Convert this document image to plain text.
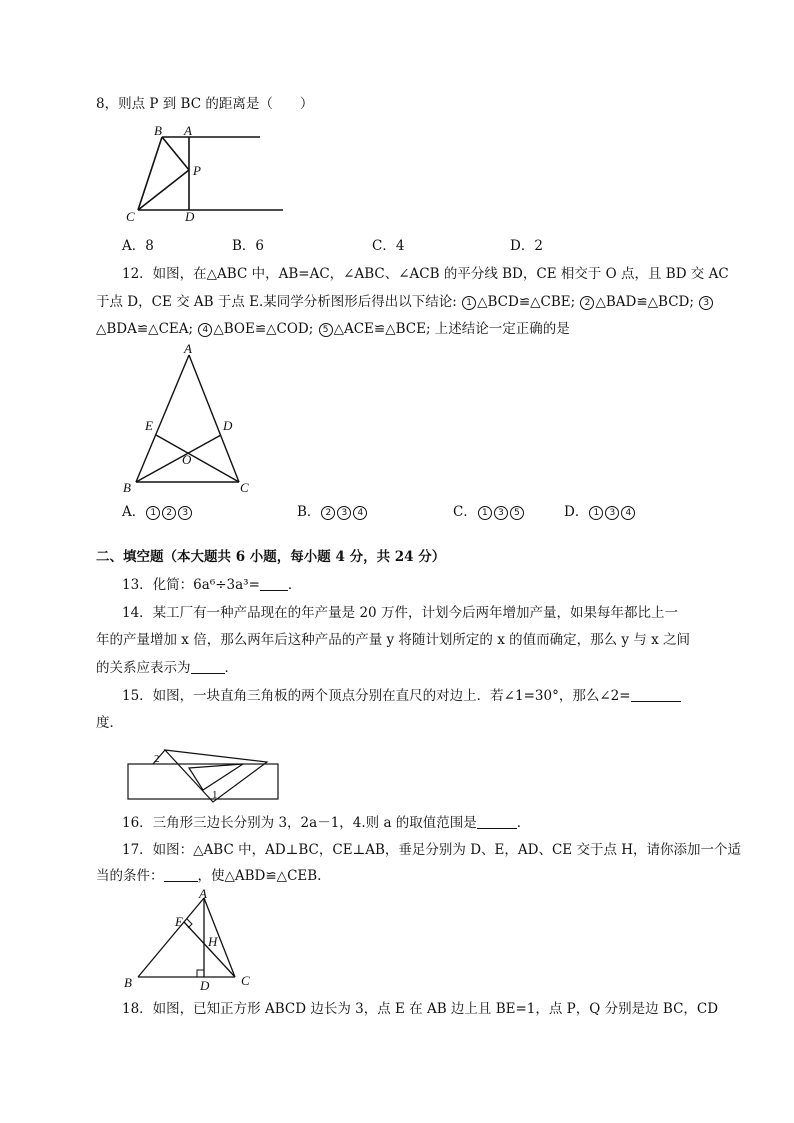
8，则点 P 到 BC 的距离是（　　）
B A
P
C	D
A．8	B．6	C．4	D．2
12．如图，在△ABC 中，AB=AC，∠ABC、∠ACB 的平分线 BD，CE 相交于 O 点，且 BD 交 AC
于点 D，CE 交 AB 于点 E.某同学分析图形后得出以下结论: 1 △BCD≌△CBE; 2 △BAD≌△BCD; 3
△BDA≌△CEA; 4 △BOE≌△COD; 5 △ACE≌△BCE; 上述结论一定正确的是
A
E	D
O
B	C
A． 1 2 3	B． 2 3 4	C． 1 3 5	D． 1 3 4
二、填空题（本大题共 6 小题，每小题 4 分，共 24 分）
13．化简：6a⁶÷3a³= ．
14．某工厂有一种产品现在的年产量是 20 万件，计划今后两年增加产量，如果每年都比上一
年的产量增加 x 倍，那么两年后这种产品的产量 y 将随计划所定的 x 的值而确定，那么 y 与 x 之间
的关系应表示为	．
15．如图，一块直角三角板的两个顶点分别在直尺的对边上．若∠1=30°，那么∠2=
度．
2
1
16．三角形三边长分别为 3，2a－1，4.则 a 的取值范围是	．
17．如图：△ABC 中，AD⊥BC，CE⊥AB，垂足分别为 D、E，AD、CE 交于点 H，请你添加一个适
当的条件：	，使△ABD≌△CEB.
A
E
H
B	D C
18．如图，已知正方形 ABCD 边长为 3，点 E 在 AB 边上且 BE=1，点 P，Q 分别是边 BC，CD
